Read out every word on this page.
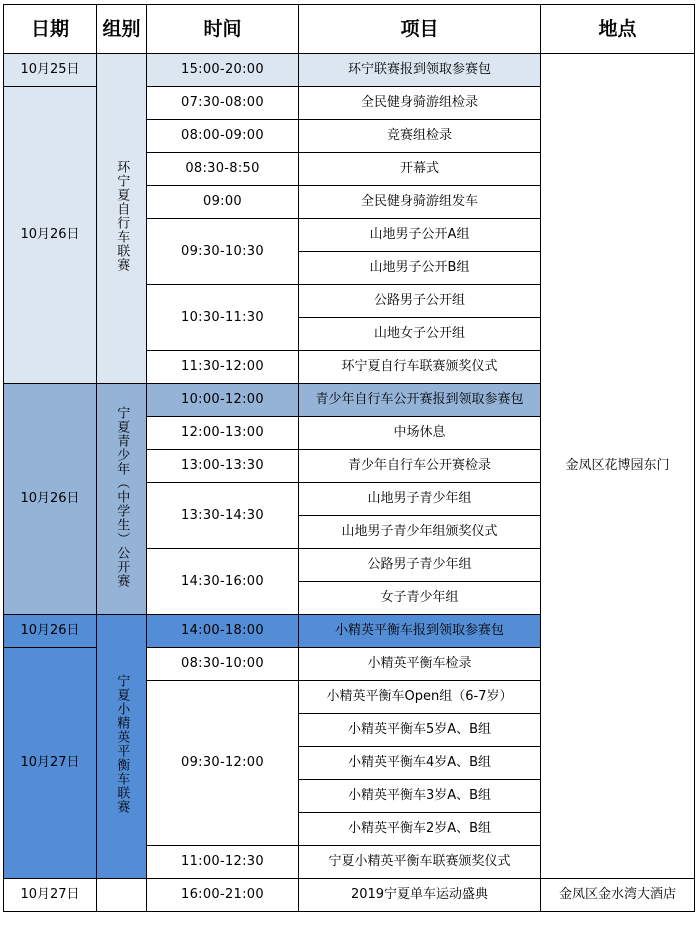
日期	组别	时间	项目	地点
10月25日	环宁夏自行车联赛	15:00-20:00	环宁联赛报到领取参赛包	金凤区花博园东门
10月26日		07:30-08:00	全民健身骑游组检录	
		08:00-09:00	竞赛组检录	
		08:30-8:50	开幕式	
		09:00	全民健身骑游组发车	
		09:30-10:30	山地男子公开A组	
			山地男子公开B组	
		10:30-11:30	公路男子公开组	
			山地女子公开组	
		11:30-12:00	环宁夏自行车联赛颁奖仪式	
10月26日	宁夏青少年（中学生）公开赛	10:00-12:00	青少年自行车公开赛报到领取参赛包	
		12:00-13:00	中场休息	
		13:00-13:30	青少年自行车公开赛检录	
		13:30-14:30	山地男子青少年组	
			山地男子青少年组颁奖仪式	
		14:30-16:00	公路男子青少年组	
			女子青少年组	
10月26日	宁夏小精英平衡车联赛	14:00-18:00	小精英平衡车报到领取参赛包	
10月27日		08:30-10:00	小精英平衡车检录	
		09:30-12:00	小精英平衡车Open组（6-7岁）	
			小精英平衡车5岁A、B组	
			小精英平衡车4岁A、B组	
			小精英平衡车3岁A、B组	
			小精英平衡车2岁A、B组	
		11:00-12:30	宁夏小精英平衡车联赛颁奖仪式	
10月27日		16:00-21:00	2019宁夏单车运动盛典	金凤区金水湾大酒店
